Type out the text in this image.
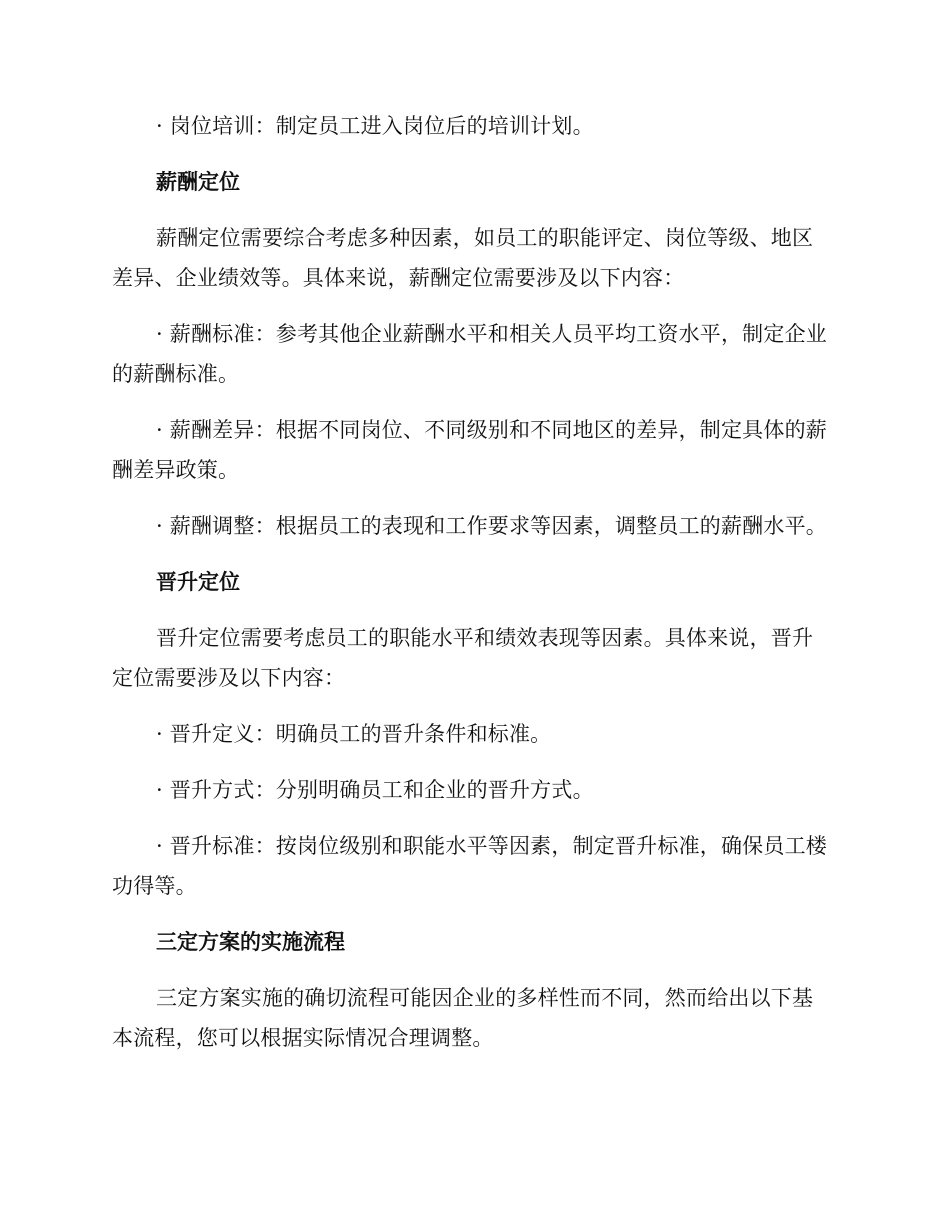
· 岗位培训：制定员工进入岗位后的培训计划。

薪酬定位

薪酬定位需要综合考虑多种因素，如员工的职能评定、岗位等级、地区差异、企业绩效等。具体来说，薪酬定位需要涉及以下内容：

· 薪酬标准：参考其他企业薪酬水平和相关人员平均工资水平，制定企业的薪酬标准。

· 薪酬差异：根据不同岗位、不同级别和不同地区的差异，制定具体的薪酬差异政策。

· 薪酬调整：根据员工的表现和工作要求等因素，调整员工的薪酬水平。

晋升定位

晋升定位需要考虑员工的职能水平和绩效表现等因素。具体来说，晋升定位需要涉及以下内容：

· 晋升定义：明确员工的晋升条件和标准。

· 晋升方式：分别明确员工和企业的晋升方式。

· 晋升标准：按岗位级别和职能水平等因素，制定晋升标准，确保员工楼功得等。

三定方案的实施流程

三定方案实施的确切流程可能因企业的多样性而不同，然而给出以下基本流程，您可以根据实际情况合理调整。
